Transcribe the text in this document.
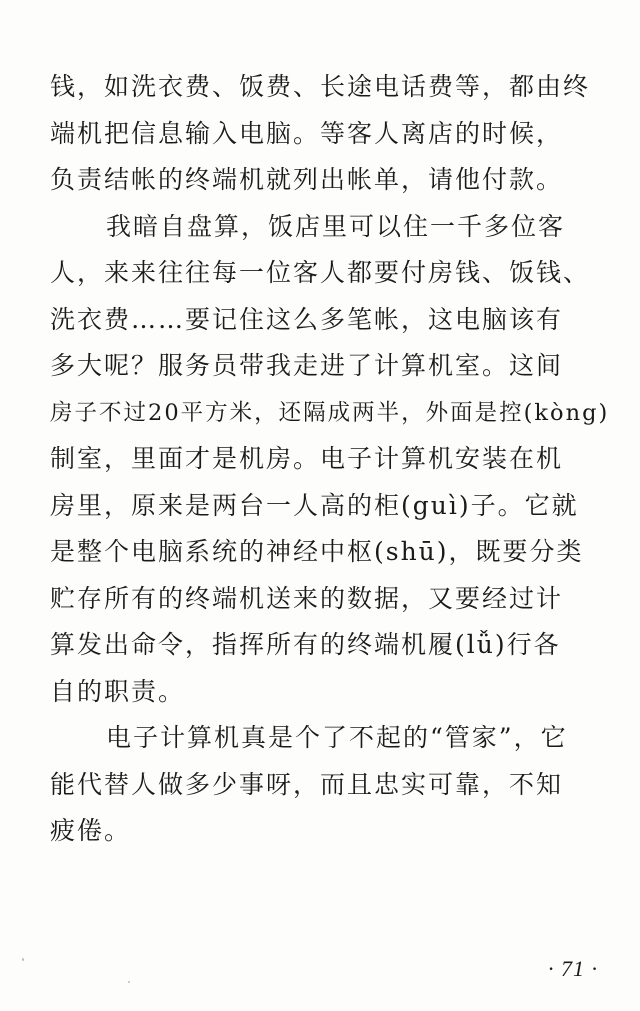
钱，如洗衣费、饭费、长途电话费等，都由终
端机把信息输入电脑。等客人离店的时候，
负责结帐的终端机就列出帐单，请他付款。
我暗自盘算，饭店里可以住一千多位客
人，来来往往每一位客人都要付房钱、饭钱、
洗衣费……要记住这么多笔帐，这电脑该有
多大呢？服务员带我走进了计算机室。这间
房子不过20平方米，还隔成两半，外面是控(kòng)
制室，里面才是机房。电子计算机安装在机
房里，原来是两台一人高的柜(guì)子。它就
是整个电脑系统的神经中枢(shū)，既要分类
贮存所有的终端机送来的数据，又要经过计
算发出命令，指挥所有的终端机履(lǚ)行各
自的职责。
电子计算机真是个了不起的“管家”，它
能代替人做多少事呀，而且忠实可靠，不知
疲倦。
· 71 ·
